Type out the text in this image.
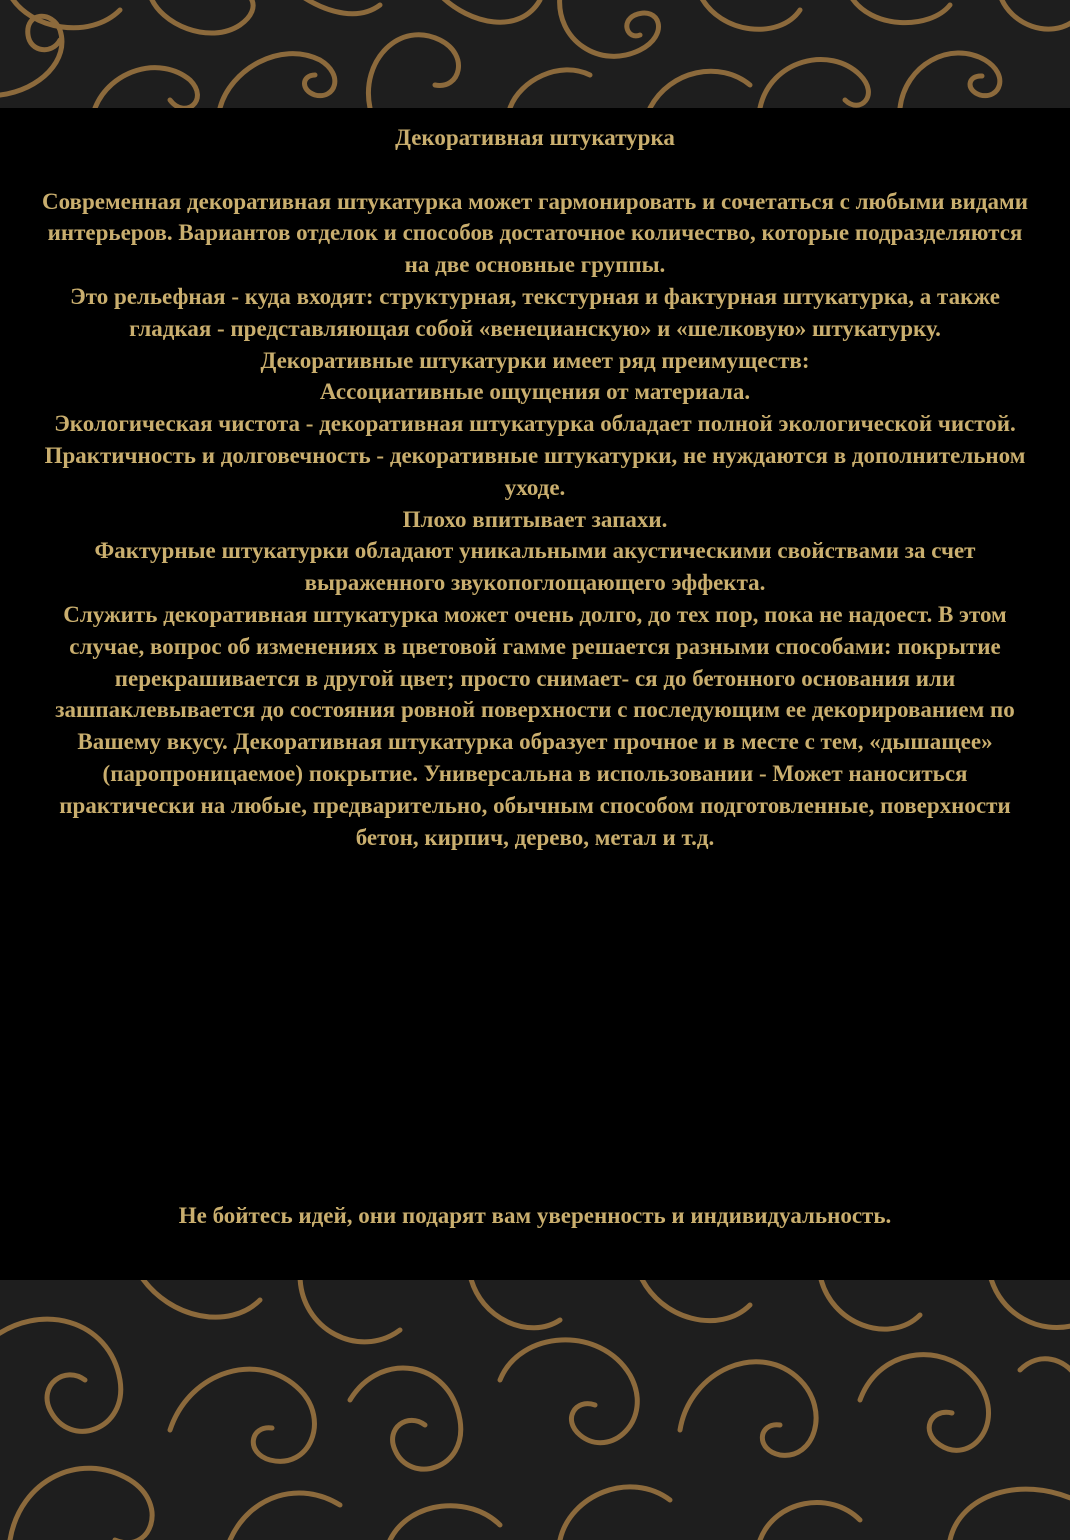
Декоративная штукатурка

Современная декоративная штукатурка может гармонировать и сочетаться с любыми видами интерьеров. Вариантов отделок и способов достаточное количество, которые подразделяются на две основные группы.

Это рельефная - куда входят: структурная, текстурная и фактурная штукатурка, а также гладкая - представляющая собой «венецианскую» и «шелковую» штукатурку.

Декоративные штукатурки имеет ряд преимуществ:

Ассоциативные ощущения от материала.

Экологическая чистота - декоративная штукатурка обладает полной экологической чистой. Практичность и долговечность - декоративные штукатурки, не нуждаются в дополнительном уходе.

Плохо впитывает запахи.

Фактурные штукатурки обладают уникальными акустическими свойствами за счет выраженного звукопоглощающего эффекта.

Служить декоративная штукатурка может очень долго, до тех пор, пока не надоест. В этом случае, вопрос об изменениях в цветовой гамме решается разными способами: покрытие перекрашивается в другой цвет; просто снимает- ся до бетонного основания или зашпаклевывается до состояния ровной поверхности с последующим ее декорированием по Вашему вкусу. Декоративная штукатурка образует прочное и в месте с тем, «дышащее» (паропроницаемое) покрытие. Универсальна в использовании - Может наноситься практически на любые, предварительно, обычным способом подготовленные, поверхности бетон, кирпич, дерево, метал и т.д.

Не бойтесь идей, они подарят вам уверенность и индивидуальность.
